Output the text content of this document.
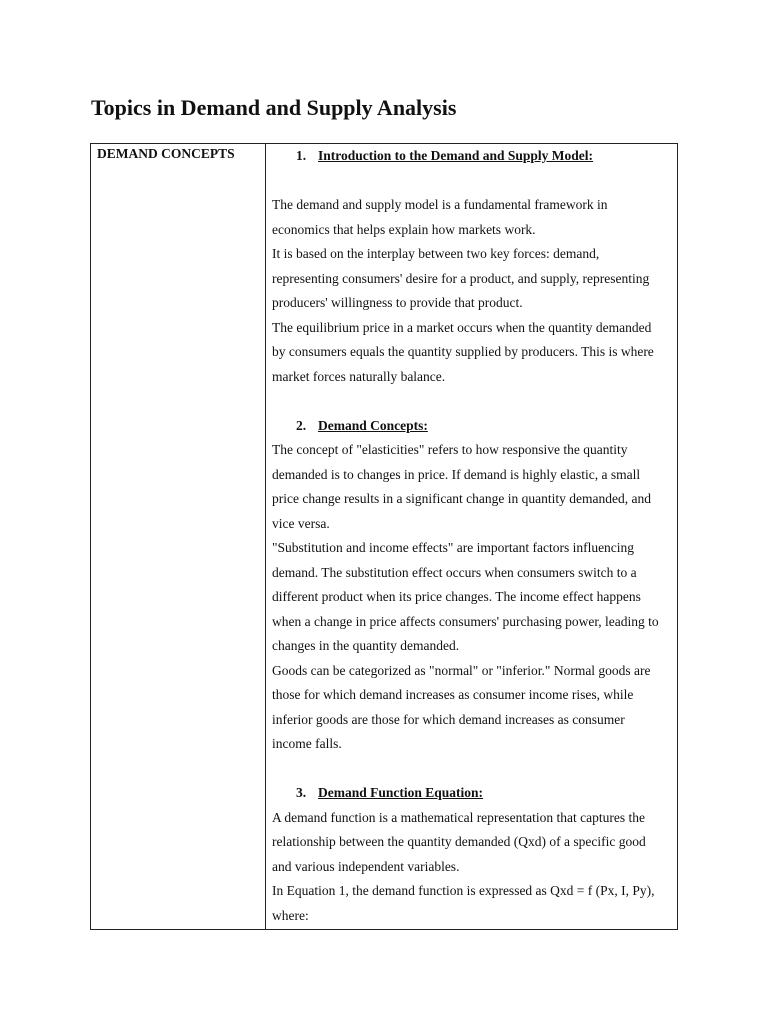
Topics in Demand and Supply Analysis
DEMAND CONCEPTS	1. Introduction to the Demand and Supply Model:
The demand and supply model is a fundamental framework in
economics that helps explain how markets work.
It is based on the interplay between two key forces: demand,
representing consumers' desire for a product, and supply, representing
producers' willingness to provide that product.
The equilibrium price in a market occurs when the quantity demanded
by consumers equals the quantity supplied by producers. This is where
market forces naturally balance.
2. Demand Concepts:
The concept of "elasticities" refers to how responsive the quantity
demanded is to changes in price. If demand is highly elastic, a small
price change results in a significant change in quantity demanded, and
vice versa.
"Substitution and income effects" are important factors influencing
demand. The substitution effect occurs when consumers switch to a
different product when its price changes. The income effect happens
when a change in price affects consumers' purchasing power, leading to
changes in the quantity demanded.
Goods can be categorized as "normal" or "inferior." Normal goods are
those for which demand increases as consumer income rises, while
inferior goods are those for which demand increases as consumer
income falls.
3. Demand Function Equation:
A demand function is a mathematical representation that captures the
relationship between the quantity demanded (Qxd) of a specific good
and various independent variables.
In Equation 1, the demand function is expressed as Qxd = f (Px, I, Py),
where:
